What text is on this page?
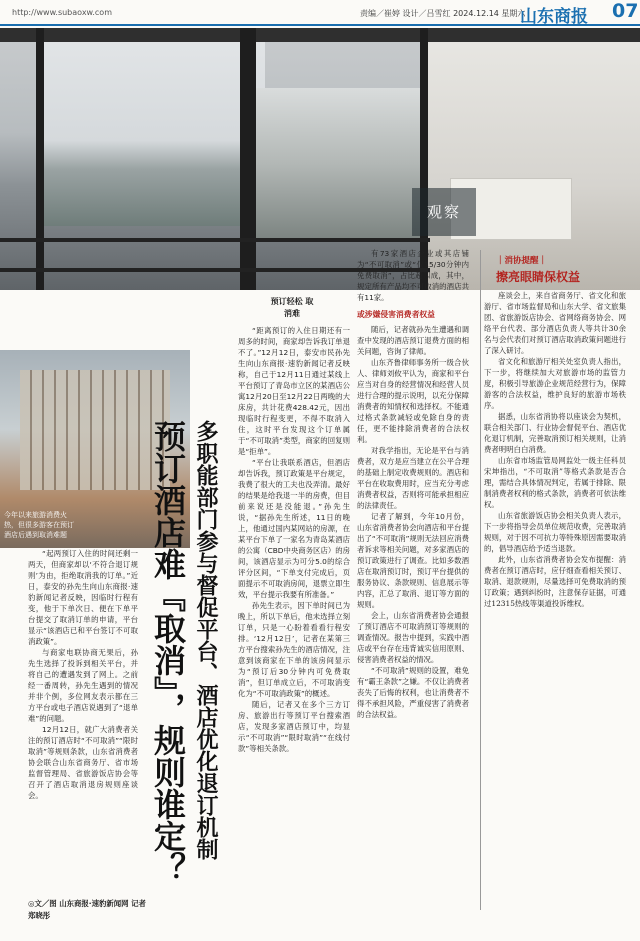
http://www.subaoxw.com	责编／崔婷 设计／吕雪红 2024.12.14 星期六
山东商报 07
观察
预订轻松 取消难
今年以来旅游消费火热，但很多游客在预订酒店后遇到取消难题	多职能部门参与督促平台、酒店优化退订机制
预订酒店难『取消』，规则谁定？

“起两预订入住的时间还剩一两天，但商家却以‘不符合退订规则’为由，拒绝取消我的订单。”近日，泰安的孙先生向山东商报·速豹新闻记者反映，因临时行程有变，他于下单次日、便在下单平台提交了取消订单的申请，平台显示“该酒店已和平台签订不可取消政策”。

与商家电联协商无果后，孙先生选择了投诉到相关平台，并将自己的遭遇发到了网上。之前经一番周转，孙先生遇到的情况并非个例，多位网友表示都在三方平台或电子酒店说遇到了“退单难”的问题。

12月12日，就广大消费者关注的预订酒店时“不可取消”“限时取消”等规则条款，山东省消费者协会联合山东省商务厅、省市场监督管理局、省旅游饭店协会等召开了酒店取消退房规则座谈会。

◎文／图 山东商报·速豹新闻网 记者 郑晓彤

“距离预订的入住日期还有一周多的时间，商家却告诉我订单退不了。”12月12日，泰安市民孙先生向山东商报·速豹新闻记者反映称，自己于12月11日通过某线上平台预订了青岛市立区的某酒店公寓12月20日至12月22日两晚的大床房，共计花费428.42元，因出现临时行程变更，不得不取消入住，这时平台发现这个订单属于“不可取消”类型，商家的回复则是“拒单”。

“平台让我联系酒店，但酒店却告诉我，预订政策是平台规定，我费了很大的工夫也没弄清。最好的结果是给我退一半的房费，但目前来说还是没能退。”孙先生说，“据孙先生所述，11日的晚上，他通过国内某网站的房源，在某平台下单了一家名为青岛某酒店的公寓（CBD中央商务区店）的房间，该酒店显示为可分5.0的综合评分区间，“下单支付完成后，页面提示不可取消房间，退票立即生效，平台提示我要有所准备。”

孙先生表示，因下单时间已为晚上，所以下单后，他未选择立刻订单，只是一心盼着看看行程安排。‘12月12日’，记者在某第三方平台搜索孙先生的酒店情况，注意到该商家在下单的该房间显示为“预订后30分钟内可免费取消”，但订单成立后，不可取消变化为“不可取消政策”的概述。

随后，记者又在多个三方订房、旅游出行等预订平台搜索酒店，发现多家酒店预订中，均显示“不可取消”“限时取消”“在线付款”等相关条款。

有73家酒店企业或其店铺为“不可取消”或“仅15/30分钟内免费取消”，占比超四成，其中，规定所有产品均不可取消的酒店共有11家。

或涉嫌侵害消费者权益

随后，记者就孙先生遭遇和调查中发现的酒店预订退费方面的相关问题，咨询了律师。

山东齐鲁律师事务所一级合伙人、律师刘攸平认为，商家和平台应当对自身的经营情况和经营人员进行合理的提示说明，以充分保障消费者的知情权和选择权。不能通过格式条款减轻或免除自身的责任，更不能排除消费者的合法权利。

对我学指出，无论是平台与消费者，双方是应当建立在公平合理的基础上制定收费规则的。酒店和平台在收取费用时，应当充分考虑消费者权益，否则将可能承担相应的法律责任。

记者了解到，今年10月份，山东省消费者协会向酒店和平台提出了“不可取消”规则无法回应消费者诉求等相关问题，对多家酒店的预订政策进行了调查。比如多数酒店在取消预订时，预订平台提供的服务协议、条款规则、信息展示等内容，汇总了取消、退订等方面的规则。

会上，山东省消费者协会通报了预订酒店不可取消预订等规则的调查情况。报告中提到，实践中酒店或平台存在违背诚实信用原则、侵害消费者权益的情况。

“不可取消”规则的设置，难免有“霸王条款”之嫌。不仅让消费者丧失了后悔的权利，也让消费者不得不承担风险，严重侵害了消费者的合法权益。

｜消协提醒｜
擦亮眼睛保权益

座谈会上，来自省商务厅、省文化和旅游厅、省市场监督局和山东大学、省文旅集团、省旅游饭店协会、省网络商务协会、网络平台代表、部分酒店负责人等共计30余名与会代表们对预订酒店取消政策问题进行了深入研讨。

省文化和旅游厅相关处室负责人指出，下一步，将继续加大对旅游市场的监管力度，积极引导旅游企业规范经营行为，保障游客的合法权益，维护良好的旅游市场秩序。

据悉，山东省消协将以座谈会为契机，联合相关部门、行业协会督促平台、酒店优化退订机制，完善取消预订相关规则，让消费者明明白白消费。

山东省市场监管局网监处一级主任科员宋坤指出，“不可取消”等格式条款是否合理，需结合具体情况判定，若属于排除、限制消费者权利的格式条款，消费者可依法维权。

山东省旅游饭店协会相关负责人表示，下一步将指导会员单位规范收费，完善取消规则，对于因不可抗力等特殊原因需要取消的，倡导酒店给予适当退款。

此外，山东省消费者协会发布提醒：消费者在预订酒店时，应仔细查看相关预订、取消、退款规则，尽量选择可免费取消的预订政策；遇到纠纷时，注意保存证据，可通过12315热线等渠道投诉维权。
